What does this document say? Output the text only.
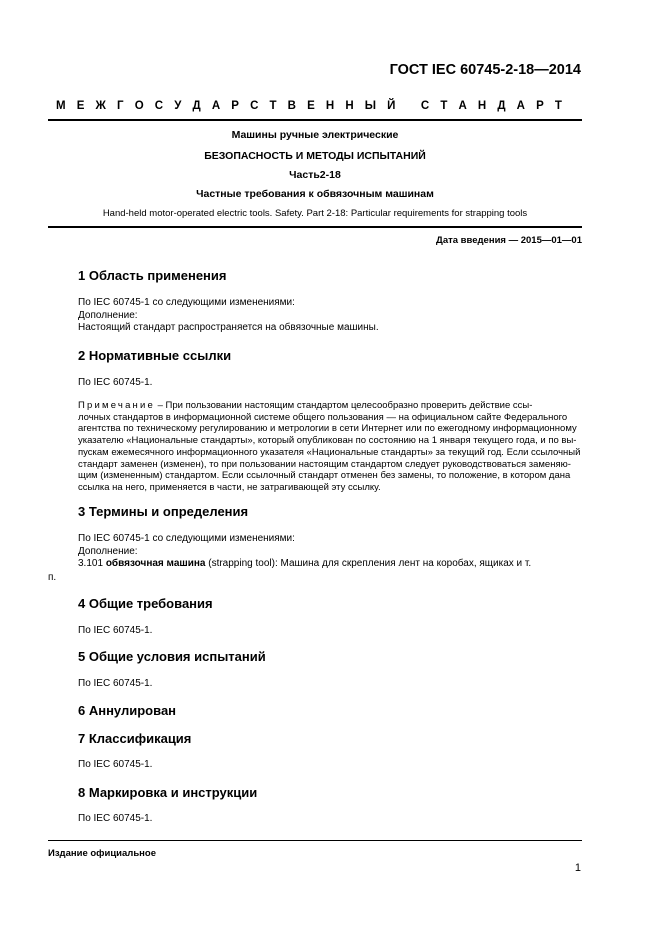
ГОСТ IEC 60745-2-18—2014
М Е Ж Г О С У Д А Р С Т В Е Н Н Ы Й
С Т А Н Д А Р Т
Машины ручные электрические
БЕЗОПАСНОСТЬ И МЕТОДЫ ИСПЫТАНИЙ
Часть2-18
Частные требования к обвязочным машинам
Hand-held motor-operated electric tools. Safety. Part 2-18: Particular requirements for strapping tools
Дата введения — 2015—01—01
1 Область применения
По IEC 60745-1 со следующими изменениями:
Дополнение:
Настоящий стандарт распространяется на обвязочные машины.
2 Нормативные ссылки
По IEC 60745-1.
Примечание – При пользовании настоящим стандартом целесообразно проверить действие ссы-
лочных стандартов в информационной системе общего пользования — на официальном сайте Федерального
агентства по техническому регулированию и метрологии в сети Интернет или по ежегодному информационному
указателю «Национальные стандарты», который опубликован по состоянию на 1 января текущего года, и по вы-
пускам ежемесячного информационного указателя «Национальные стандарты» за текущий год. Если ссылочный
стандарт заменен (изменен), то при пользовании настоящим стандартом следует руководствоваться заменяю-
щим (измененным) стандартом. Если ссылочный стандарт отменен без замены, то положение, в котором дана
ссылка на него, применяется в части, не затрагивающей эту ссылку.
3 Термины и определения
По IEC 60745-1 со следующими изменениями:
Дополнение:
3.101 обвязочная машина (strapping tool): Машина для скрепления лент на коробах, ящиках и т.
п.
4 Общие требования
По IEC 60745-1.
5 Общие условия испытаний
По IEC 60745-1.
6 Аннулирован
7 Классификация
По IEC 60745-1.
8 Маркировка и инструкции
По IEC 60745-1.
Издание официальное
1
